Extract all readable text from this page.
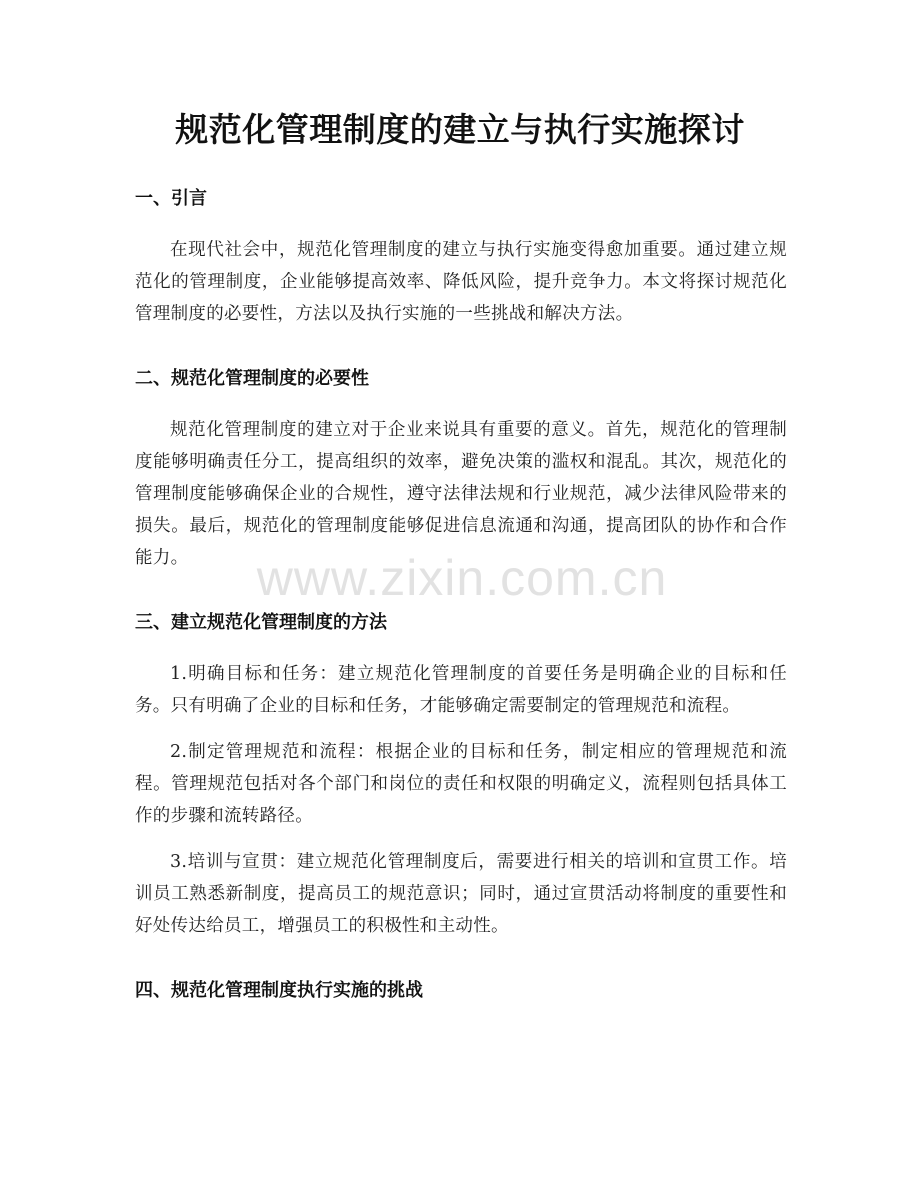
规范化管理制度的建立与执行实施探讨
一、引言

在现代社会中，规范化管理制度的建立与执行实施变得愈加重要。通过建立规范化的管理制度，企业能够提高效率、降低风险，提升竞争力。本文将探讨规范化管理制度的必要性，方法以及执行实施的一些挑战和解决方法。

二、规范化管理制度的必要性

规范化管理制度的建立对于企业来说具有重要的意义。首先，规范化的管理制度能够明确责任分工，提高组织的效率，避免决策的滥权和混乱。其次，规范化的管理制度能够确保企业的合规性，遵守法律法规和行业规范，减少法律风险带来的损失。最后，规范化的管理制度能够促进信息流通和沟通，提高团队的协作和合作能力。

三、建立规范化管理制度的方法

1.明确目标和任务：建立规范化管理制度的首要任务是明确企业的目标和任务。只有明确了企业的目标和任务，才能够确定需要制定的管理规范和流程。

2.制定管理规范和流程：根据企业的目标和任务，制定相应的管理规范和流程。管理规范包括对各个部门和岗位的责任和权限的明确定义，流程则包括具体工作的步骤和流转路径。

3.培训与宣贯：建立规范化管理制度后，需要进行相关的培训和宣贯工作。培训员工熟悉新制度，提高员工的规范意识；同时，通过宣贯活动将制度的重要性和好处传达给员工，增强员工的积极性和主动性。

四、规范化管理制度执行实施的挑战
www.zixin.com.cn
